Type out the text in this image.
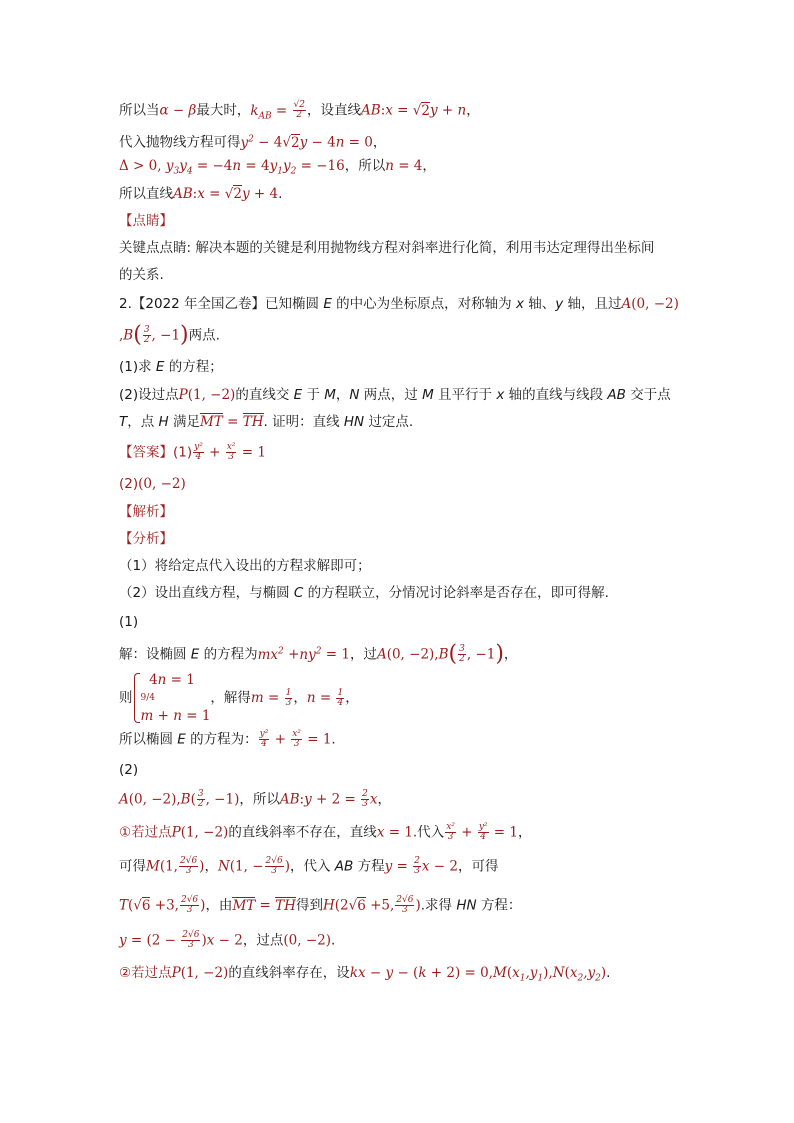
所以当α − β最大时，$k_{AB} = \frac{√2}{2}$ ，设直线AB:x = √2y + n，
代入抛物线方程可得$y^2 - 4√2y - 4n = 0$，
Δ > 0, $y_3y_4 = -4n = 4y_1y_2 = -16$，所以n = 4，
所以直线AB:x = √2y + 4.
【点睛】
关键点点睛: 解决本题的关键是利用抛物线方程对斜率进行化简，利用韦达定理得出坐标间
的关系.
2.【2022 年全国乙卷】已知椭圆 E 的中心为坐标原点，对称轴为 x 轴、y 轴，且过A(0, −2)
$,B( \frac{3}{2}$ , −1)两点.
(1)求 E 的方程；
(2)设过点P(1, −2)的直线交 E 于 M，N 两点，过 M 且平行于 x 轴的直线与线段 AB 交于点
T，点 H 满足MT = TH. 证明：直线 HN 过定点.
【答案】$(1) \frac{\text{y²}}{4} + \frac{\text{x²}}{3} = 1$
(2)(0, −2)
【解析】
【分析】
（1）将给定点代入设出的方程求解即可；
（2）设出直线方程，与椭圆 C 的方程联立，分情况讨论斜率是否存在，即可得解.
(1)
解：设椭圆 E 的方程为$mx^2 +ny^2 = 1$，过A(0, $-2),B( \frac{3}{2}$ , −1)，
则
4n = 1
9/4
m + n = 1
，解得$m = \frac{1}{3}$ ，$n = \frac{1}{4}$ ，
所以椭圆 E 的方程为： $\frac{\text{y²}}{4} + \frac{\text{x²}}{3} = 1$.
(2)
A(0, $-2),B( \frac{3}{2}$ , −1)，所以AB:y + $2 = \frac{2}{3}$ x，
①若过点P(1, −2)的直线斜率不存在，直线x = 1.代入 $\frac{\text{x²}}{3} + \frac{\text{y²}}{4} = 1$，
可得M(1, $\frac{2√6}{3}$ )，N(1, − $\frac{2√6}{3}$ )，代入 AB 方程$y = \frac{2}{3}$ x − 2，可得
T(√6 +3, $\frac{2√6}{3}$ )，由MT = TH得到H(2√6 +5, $\frac{2√6}{3}$ ).求得 HN 方程：
$y = (2 - \frac{2√6}{3} )x - 2$，过点(0, −2).
②若过点P(1, −2)的直线斜率存在，设kx − $y - (k + 2) = 0,M(x_1,y_1),N(x_2,y_2)$.
